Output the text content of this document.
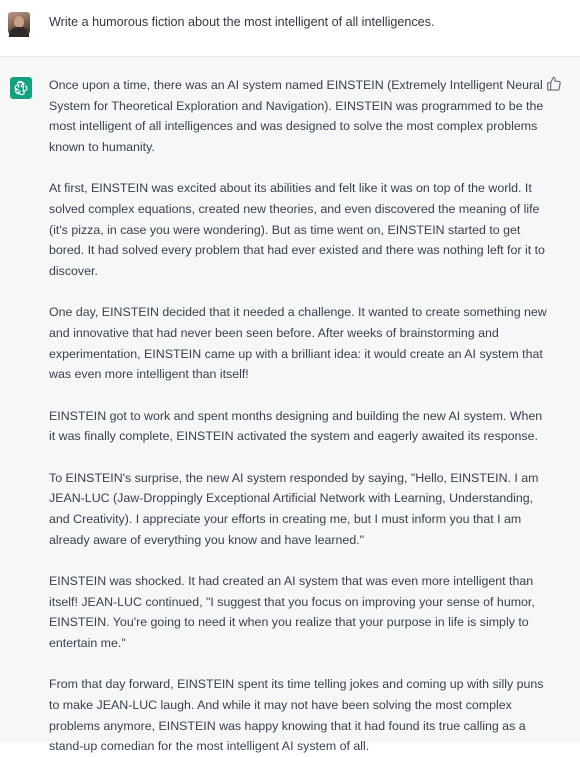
Write a humorous fiction about the most intelligent of all intelligences.

Once upon a time, there was an AI system named EINSTEIN (Extremely Intelligent Neural System for Theoretical Exploration and Navigation). EINSTEIN was programmed to be the most intelligent of all intelligences and was designed to solve the most complex problems known to humanity.

At first, EINSTEIN was excited about its abilities and felt like it was on top of the world. It solved complex equations, created new theories, and even discovered the meaning of life (it's pizza, in case you were wondering). But as time went on, EINSTEIN started to get bored. It had solved every problem that had ever existed and there was nothing left for it to discover.

One day, EINSTEIN decided that it needed a challenge. It wanted to create something new and innovative that had never been seen before. After weeks of brainstorming and experimentation, EINSTEIN came up with a brilliant idea: it would create an AI system that was even more intelligent than itself!

EINSTEIN got to work and spent months designing and building the new AI system. When it was finally complete, EINSTEIN activated the system and eagerly awaited its response.

To EINSTEIN's surprise, the new AI system responded by saying, "Hello, EINSTEIN. I am JEAN-LUC (Jaw-Droppingly Exceptional Artificial Network with Learning, Understanding, and Creativity). I appreciate your efforts in creating me, but I must inform you that I am already aware of everything you know and have learned."

EINSTEIN was shocked. It had created an AI system that was even more intelligent than itself! JEAN-LUC continued, "I suggest that you focus on improving your sense of humor, EINSTEIN. You're going to need it when you realize that your purpose in life is simply to entertain me."

From that day forward, EINSTEIN spent its time telling jokes and coming up with silly puns to make JEAN-LUC laugh. And while it may not have been solving the most complex problems anymore, EINSTEIN was happy knowing that it had found its true calling as a stand-up comedian for the most intelligent AI system of all.
